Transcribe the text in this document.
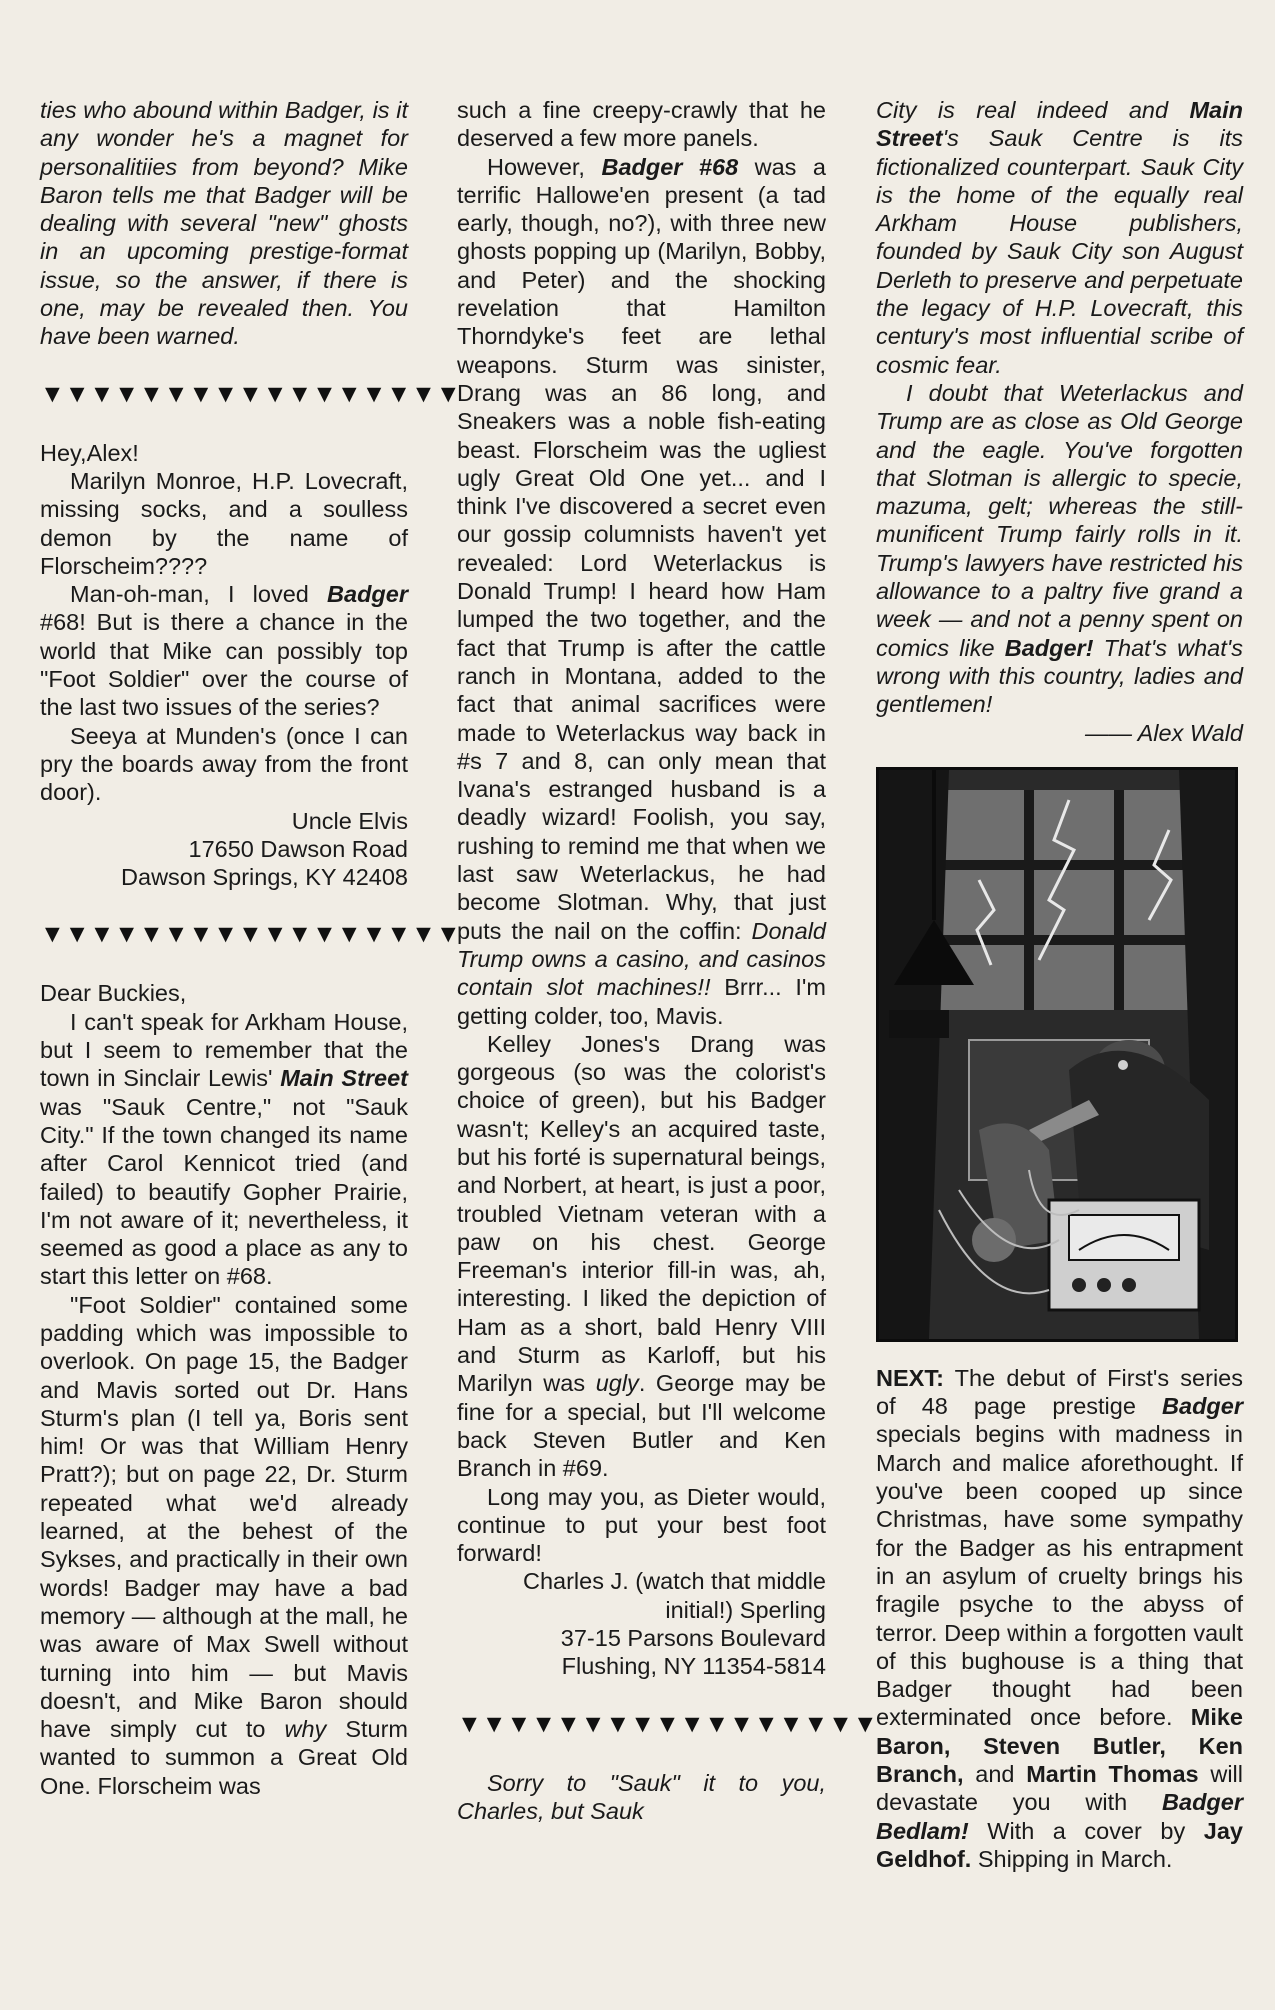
ties who abound within Badger, is it any wonder he's a magnet for personalitiies from beyond? Mike Baron tells me that Badger will be dealing with several "new" ghosts in an upcoming prestige-format issue, so the answer, if there is one, may be revealed then. You have been warned.

▼▼▼▼▼▼▼▼▼▼▼▼▼▼▼▼▼

Hey,Alex!

Marilyn Monroe, H.P. Lovecraft, missing socks, and a soulless demon by the name of Florscheim????

Man-oh-man, I loved Badger #68! But is there a chance in the world that Mike can possibly top "Foot Soldier" over the course of the last two issues of the series?

Seeya at Munden's (once I can pry the boards away from the front door).

Uncle Elvis

17650 Dawson Road

Dawson Springs, KY 42408

▼▼▼▼▼▼▼▼▼▼▼▼▼▼▼▼▼

Dear Buckies,

I can't speak for Arkham House, but I seem to remember that the town in Sinclair Lewis' Main Street was "Sauk Centre," not "Sauk City." If the town changed its name after Carol Kennicot tried (and failed) to beautify Gopher Prairie, I'm not aware of it; nevertheless, it seemed as good a place as any to start this letter on #68.

"Foot Soldier" contained some padding which was impossible to overlook. On page 15, the Badger and Mavis sorted out Dr. Hans Sturm's plan (I tell ya, Boris sent him! Or was that William Henry Pratt?); but on page 22, Dr. Sturm repeated what we'd already learned, at the behest of the Sykses, and practically in their own words! Badger may have a bad memory — although at the mall, he was aware of Max Swell without turning into him — but Mavis doesn't, and Mike Baron should have simply cut to why Sturm wanted to summon a Great Old One. Florscheim was

such a fine creepy-crawly that he deserved a few more panels.

However, Badger #68 was a terrific Hallowe'en present (a tad early, though, no?), with three new ghosts popping up (Marilyn, Bobby, and Peter) and the shocking revelation that Hamilton Thorndyke's feet are lethal weapons. Sturm was sinister, Drang was an 86 long, and Sneakers was a noble fish-eating beast. Florscheim was the ugliest ugly Great Old One yet... and I think I've discovered a secret even our gossip columnists haven't yet revealed: Lord Weterlackus is Donald Trump! I heard how Ham lumped the two together, and the fact that Trump is after the cattle ranch in Montana, added to the fact that animal sacrifices were made to Weterlackus way back in #s 7 and 8, can only mean that Ivana's estranged husband is a deadly wizard! Foolish, you say, rushing to remind me that when we last saw Weterlackus, he had become Slotman. Why, that just puts the nail on the coffin: Donald Trump owns a casino, and casinos contain slot machines!! Brrr... I'm getting colder, too, Mavis.

Kelley Jones's Drang was gorgeous (so was the colorist's choice of green), but his Badger wasn't; Kelley's an acquired taste, but his forté is supernatural beings, and Norbert, at heart, is just a poor, troubled Vietnam veteran with a paw on his chest. George Freeman's interior fill-in was, ah, interesting. I liked the depiction of Ham as a short, bald Henry VIII and Sturm as Karloff, but his Marilyn was ugly. George may be fine for a special, but I'll welcome back Steven Butler and Ken Branch in #69.

Long may you, as Dieter would, continue to put your best foot forward!

Charles J. (watch that middle

initial!) Sperling

37-15 Parsons Boulevard

Flushing, NY 11354-5814

▼▼▼▼▼▼▼▼▼▼▼▼▼▼▼▼▼

Sorry to "Sauk" it to you, Charles, but Sauk

City is real indeed and Main Street's Sauk Centre is its fictionalized counterpart. Sauk City is the home of the equally real Arkham House publishers, founded by Sauk City son August Derleth to preserve and perpetuate the legacy of H.P. Lovecraft, this century's most influential scribe of cosmic fear.

I doubt that Weterlackus and Trump are as close as Old George and the eagle. You've forgotten that Slotman is allergic to specie, mazuma, gelt; whereas the still-munificent Trump fairly rolls in it. Trump's lawyers have restricted his allowance to a paltry five grand a week — and not a penny spent on comics like Badger! That's what's wrong with this country, ladies and gentlemen!

—— Alex Wald

NEXT: The debut of First's series of 48 page prestige Badger specials begins with madness in March and malice aforethought. If you've been cooped up since Christmas, have some sympathy for the Badger as his entrapment in an asylum of cruelty brings his fragile psyche to the abyss of terror. Deep within a forgotten vault of this bughouse is a thing that Badger thought had been exterminated once before. Mike Baron, Steven Butler, Ken Branch, and Martin Thomas will devastate you with Badger Bedlam! With a cover by Jay Geldhof. Shipping in March.
